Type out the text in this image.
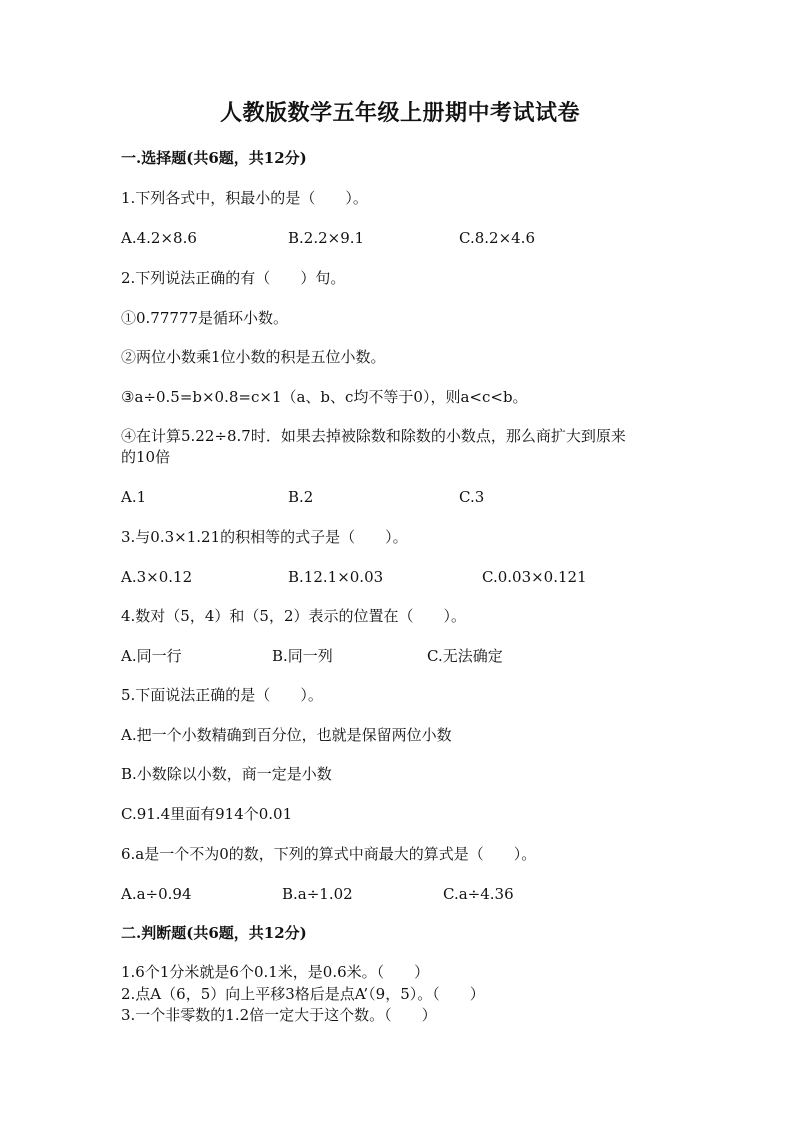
人教版数学五年级上册期中考试试卷
一.选择题(共6题，共12分)
1.下列各式中，积最小的是（　　）。
A.4.2×8.6	B.2.2×9.1	C.8.2×4.6
2.下列说法正确的有（　　）句。
①0.77777是循环小数。
②两位小数乘1位小数的积是五位小数。
③a÷0.5=b×0.8=c×1（a、b、c均不等于0），则a<c<b。
④在计算5.22÷8.7时．如果去掉被除数和除数的小数点，那么商扩大到原来
的10倍
A.1	B.2	C.3
3.与0.3×1.21的积相等的式子是（　　）。
A.3×0.12	B.12.1×0.03	C.0.03×0.121
4.数对（5，4）和（5，2）表示的位置在（　　）。
A.同一行	B.同一列	C.无法确定
5.下面说法正确的是（　　）。
A.把一个小数精确到百分位，也就是保留两位小数
B.小数除以小数，商一定是小数
C.91.4里面有914个0.01
6.a是一个不为0的数，下列的算式中商最大的算式是（　　）。
A.a÷0.94	B.a÷1.02	C.a÷4.36
二.判断题(共6题，共12分)
1.6个1分米就是6个0.1米，是0.6米。（　　）
2.点A（6，5）向上平移3格后是点A’（9，5）。（　　）
3.一个非零数的1.2倍一定大于这个数。（　　）
